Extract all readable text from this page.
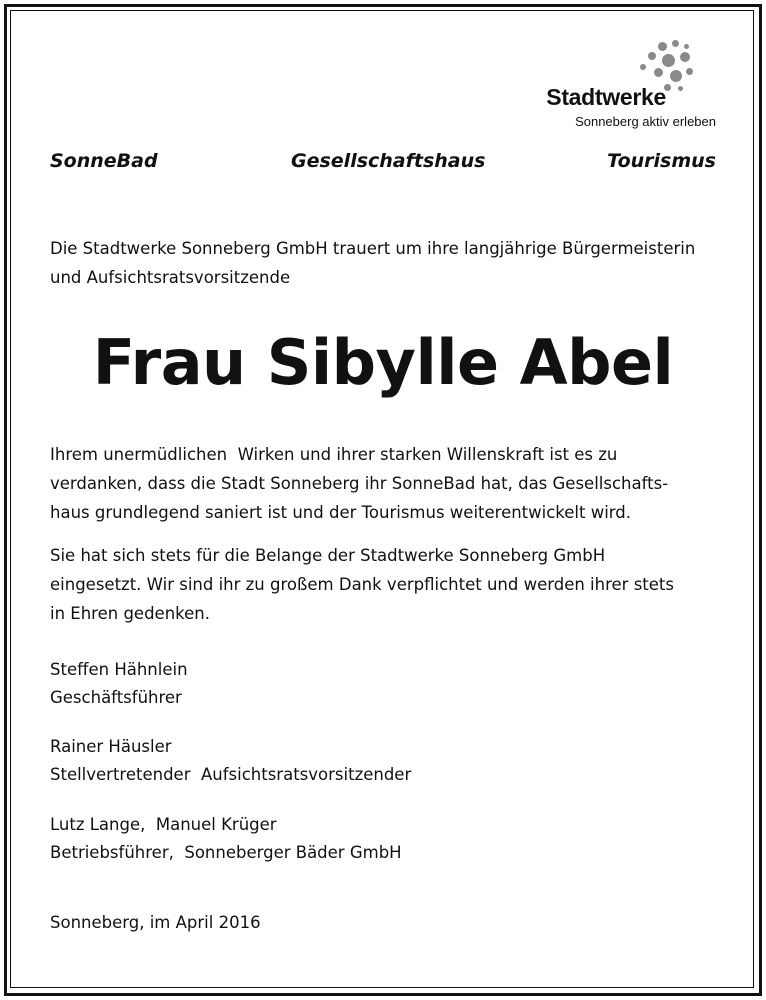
Stadtwerke
Sonneberg aktiv erleben
SonneBad	Gesellschaftshaus	Tourismus
Die Stadtwerke Sonneberg GmbH trauert um ihre langjährige Bürgermeisterin
und Aufsichtsratsvorsitzende
Frau Sibylle Abel
Ihrem unermüdlichen  Wirken und ihrer starken Willenskraft ist es zu
verdanken, dass die Stadt Sonneberg ihr SonneBad hat, das Gesellschafts-
haus grundlegend saniert ist und der Tourismus weiterentwickelt wird.
Sie hat sich stets für die Belange der Stadtwerke Sonneberg GmbH
eingesetzt. Wir sind ihr zu großem Dank verpflichtet und werden ihrer stets
in Ehren gedenken.
Steffen Hähnlein
Geschäftsführer
Rainer Häusler
Stellvertretender  Aufsichtsratsvorsitzender
Lutz Lange,  Manuel Krüger
Betriebsführer,  Sonneberger Bäder GmbH
Sonneberg, im April 2016
